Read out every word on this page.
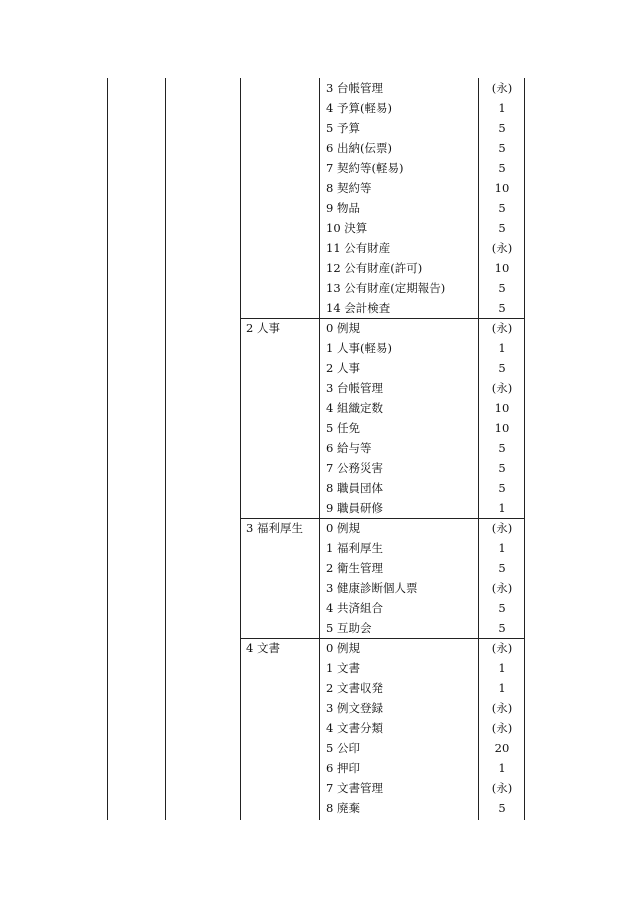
3 台帳管理	(永)
4 予算(軽易)	1
5 予算	5
6 出納(伝票)	5
7 契約等(軽易)	5
8 契約等	10
9 物品	5
10 決算	5
11 公有財産	(永)
12 公有財産(許可)	10
13 公有財産(定期報告)	5
14 会計検査	5
2 人事	0 例規	(永)
1 人事(軽易)	1
2 人事	5
3 台帳管理	(永)
4 組織定数	10
5 任免	10
6 給与等	5
7 公務災害	5
8 職員団体	5
9 職員研修	1
3 福利厚生	0 例規	(永)
1 福利厚生	1
2 衛生管理	5
3 健康診断個人票	(永)
4 共済組合	5
5 互助会	5
4 文書	0 例規	(永)
1 文書	1
2 文書収発	1
3 例文登録	(永)
4 文書分類	(永)
5 公印	20
6 押印	1
7 文書管理	(永)
8 廃棄	5
